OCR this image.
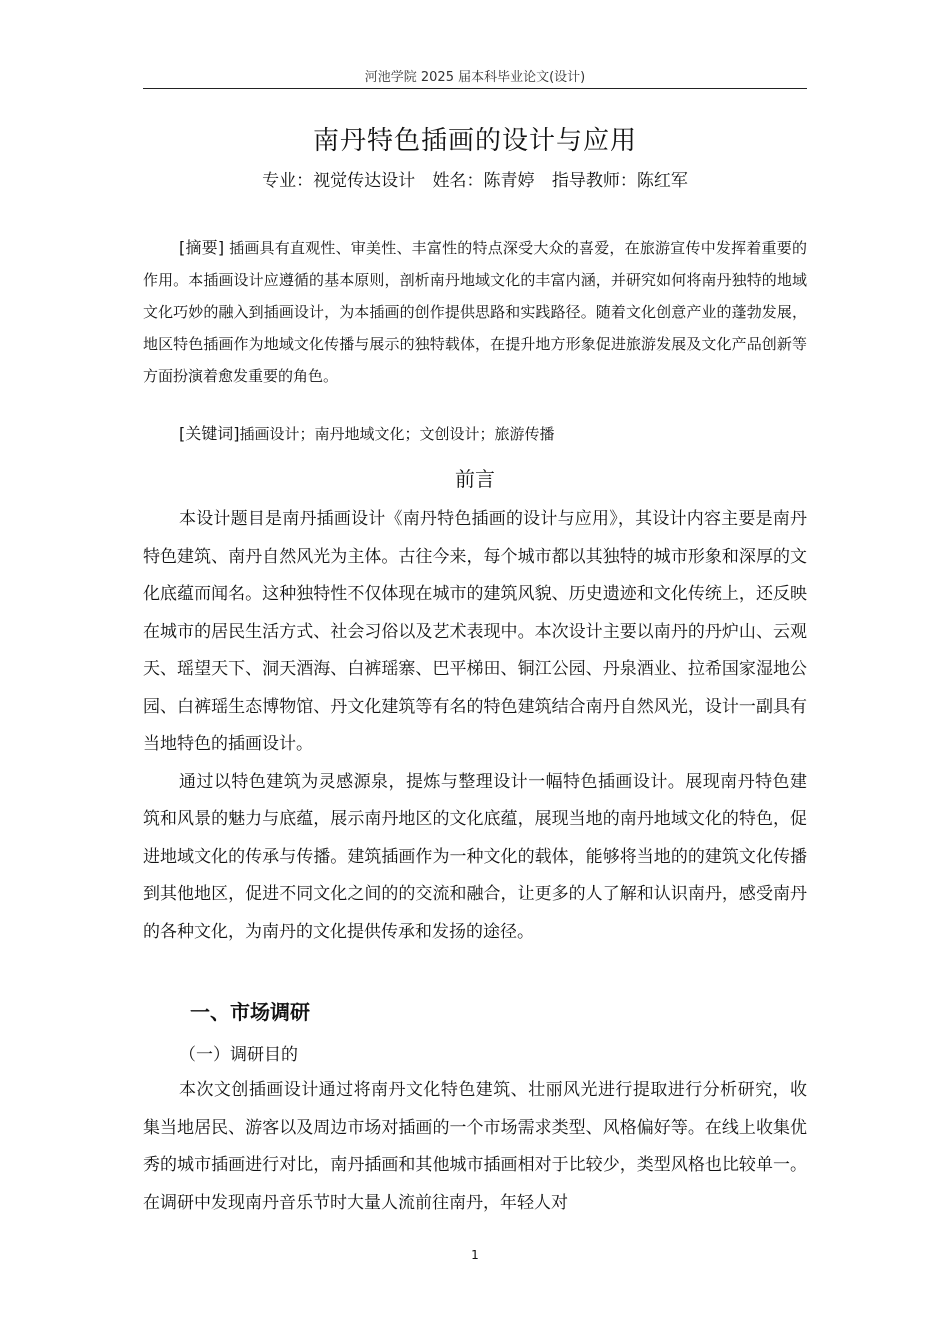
河池学院 2025 届本科毕业论文(设计)
南丹特色插画的设计与应用
专业：视觉传达设计 姓名：陈青婷 指导教师：陈红军
[摘要] 插画具有直观性、审美性、丰富性的特点深受大众的喜爱，在旅游宣传中发挥着重要的作用。本插画设计应遵循的基本原则，剖析南丹地域文化的丰富内涵，并研究如何将南丹独特的地域文化巧妙的融入到插画设计，为本插画的创作提供思路和实践路径。随着文化创意产业的蓬勃发展，地区特色插画作为地域文化传播与展示的独特载体，在提升地方形象促进旅游发展及文化产品创新等方面扮演着愈发重要的角色。
[关键词]插画设计；南丹地域文化；文创设计；旅游传播
前言

本设计题目是南丹插画设计《南丹特色插画的设计与应用》，其设计内容主要是南丹特色建筑、南丹自然风光为主体。古往今来，每个城市都以其独特的城市形象和深厚的文化底蕴而闻名。这种独特性不仅体现在城市的建筑风貌、历史遗迹和文化传统上，还反映在城市的居民生活方式、社会习俗以及艺术表现中。本次设计主要以南丹的丹炉山、云观天、瑶望天下、洞天酒海、白裤瑶寨、巴平梯田、铜江公园、丹泉酒业、拉希国家湿地公园、白裤瑶生态博物馆、丹文化建筑等有名的特色建筑结合南丹自然风光，设计一副具有当地特色的插画设计。

通过以特色建筑为灵感源泉，提炼与整理设计一幅特色插画设计。展现南丹特色建筑和风景的魅力与底蕴，展示南丹地区的文化底蕴，展现当地的南丹地域文化的特色，促进地域文化的传承与传播。建筑插画作为一种文化的载体，能够将当地的的建筑文化传播到其他地区，促进不同文化之间的的交流和融合，让更多的人了解和认识南丹，感受南丹的各种文化，为南丹的文化提供传承和发扬的途径。

一、市场调研
（一）调研目的

本次文创插画设计通过将南丹文化特色建筑、壮丽风光进行提取进行分析研究，收集当地居民、游客以及周边市场对插画的一个市场需求类型、风格偏好等。在线上收集优秀的城市插画进行对比，南丹插画和其他城市插画相对于比较少，类型风格也比较单一。在调研中发现南丹音乐节时大量人流前往南丹，年轻人对

1
